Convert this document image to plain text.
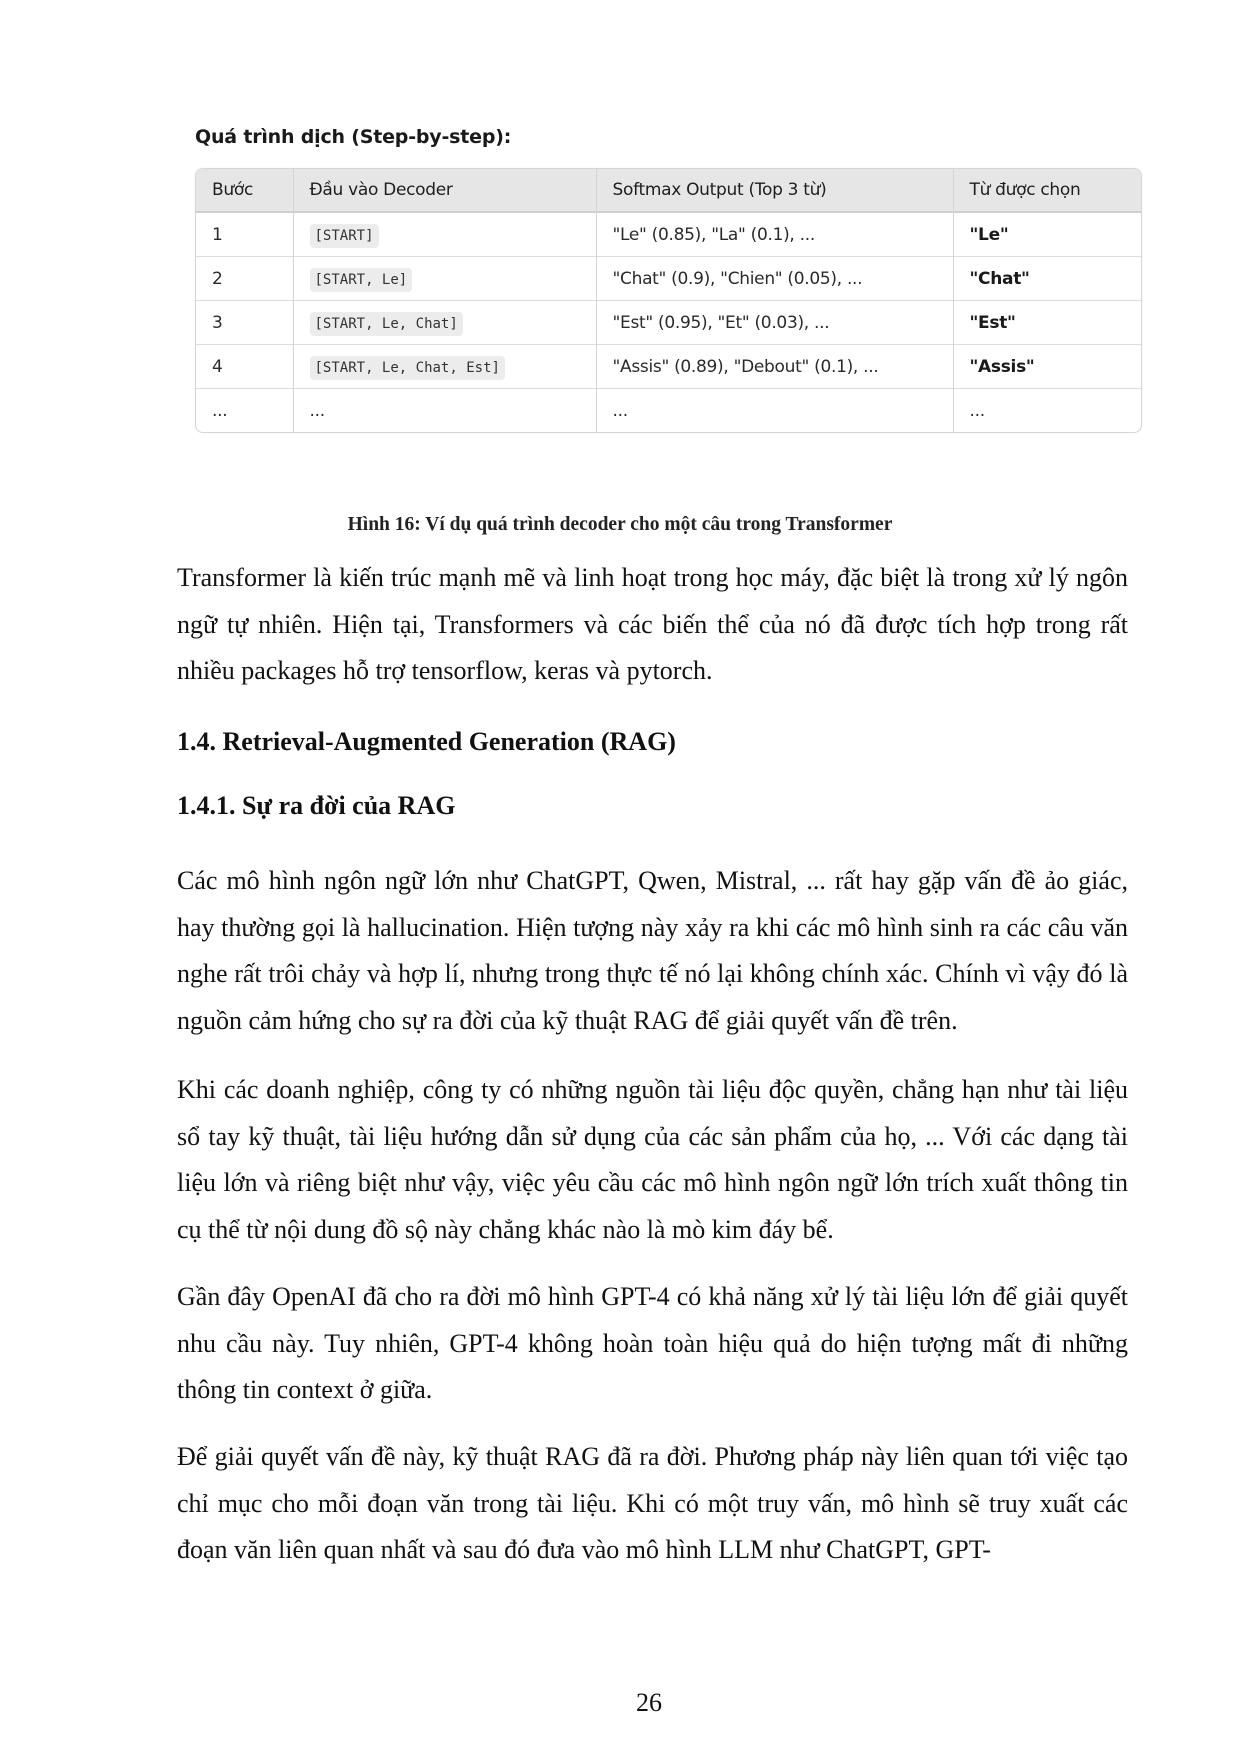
Quá trình dịch (Step-by-step):
Bước	Đầu vào Decoder	Softmax Output (Top 3 từ)	Từ được chọn
1	[START]	"Le" (0.85), "La" (0.1), ...	"Le"
2	[START, Le]	"Chat" (0.9), "Chien" (0.05), ...	"Chat"
3	[START, Le, Chat]	"Est" (0.95), "Et" (0.03), ...	"Est"
4	[START, Le, Chat, Est]	"Assis" (0.89), "Debout" (0.1), ...	"Assis"
...	...	...	...
Hình 16: Ví dụ quá trình decoder cho một câu trong Transformer

Transformer là kiến trúc mạnh mẽ và linh hoạt trong học máy, đặc biệt là trong xử lý ngôn ngữ tự nhiên. Hiện tại, Transformers và các biến thể của nó đã được tích hợp trong rất nhiều packages hỗ trợ tensorflow, keras và pytorch.

1.4. Retrieval-Augmented Generation (RAG)
1.4.1. Sự ra đời của RAG

Các mô hình ngôn ngữ lớn như ChatGPT, Qwen, Mistral, ... rất hay gặp vấn đề ảo giác, hay thường gọi là hallucination. Hiện tượng này xảy ra khi các mô hình sinh ra các câu văn nghe rất trôi chảy và hợp lí, nhưng trong thực tế nó lại không chính xác. Chính vì vậy đó là nguồn cảm hứng cho sự ra đời của kỹ thuật RAG để giải quyết vấn đề trên.

Khi các doanh nghiệp, công ty có những nguồn tài liệu độc quyền, chẳng hạn như tài liệu sổ tay kỹ thuật, tài liệu hướng dẫn sử dụng của các sản phẩm của họ, ... Với các dạng tài liệu lớn và riêng biệt như vậy, việc yêu cầu các mô hình ngôn ngữ lớn trích xuất thông tin cụ thể từ nội dung đồ sộ này chẳng khác nào là mò kim đáy bể.

Gần đây OpenAI đã cho ra đời mô hình GPT-4 có khả năng xử lý tài liệu lớn để giải quyết nhu cầu này. Tuy nhiên, GPT-4 không hoàn toàn hiệu quả do hiện tượng mất đi những thông tin context ở giữa.

Để giải quyết vấn đề này, kỹ thuật RAG đã ra đời. Phương pháp này liên quan tới việc tạo chỉ mục cho mỗi đoạn văn trong tài liệu. Khi có một truy vấn, mô hình sẽ truy xuất các đoạn văn liên quan nhất và sau đó đưa vào mô hình LLM như ChatGPT, GPT-

26
